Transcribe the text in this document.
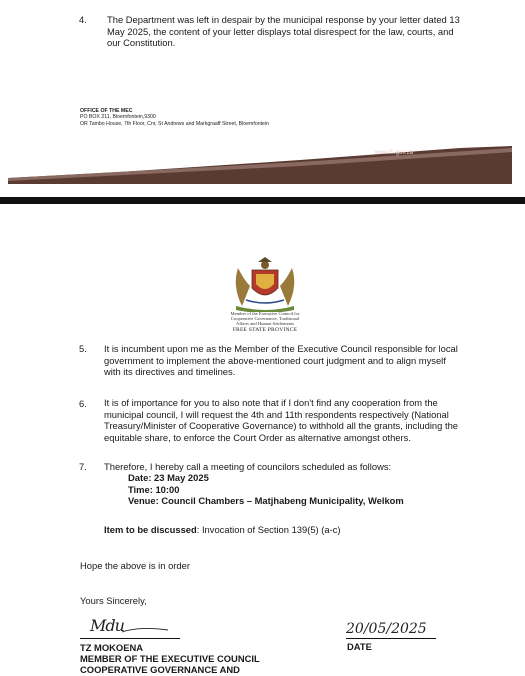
4. The Department was left in despair by the municipal response by your letter dated 13
May 2025, the content of your letter displays total disrespect for the law, courts, and
our Constitution.
OFFICE OF THE MEC
PO BOX 211, Bloemfontein,9300
OR Tambo House, 7th Floor, Cnr, St Andrews and Markgraaff Street, Bloemfontein
www.fs.gov.za
Member of the Executive Council for
Cooperative Governance, Traditional
Affairs and Human Settlements
FREE STATE PROVINCE
5. It is incumbent upon me as the Member of the Executive Council responsible for local
government to implement the above-mentioned court judgment and to align myself
with its directives and timelines.
6. It is of importance for you to also note that if I don't find any cooperation from the
municipal council, I will request the 4th and 11th respondents respectively (National
Treasury/Minister of Cooperative Governance) to withhold all the grants, including the
equitable share, to enforce the Court Order as alternative amongst others.
7. Therefore, I hereby call a meeting of councilors scheduled as follows:
Date: 23 May 2025
Time: 10:00
Venue: Council Chambers – Matjhabeng Municipality, Welkom
Item to be discussed: Invocation of Section 139(5) (a-c)
Hope the above is in order
Yours Sincerely,
Mdu
TZ MOKOENA
MEMBER OF THE EXECUTIVE COUNCIL
COOPERATIVE GOVERNANCE AND
20/05/2025
DATE
